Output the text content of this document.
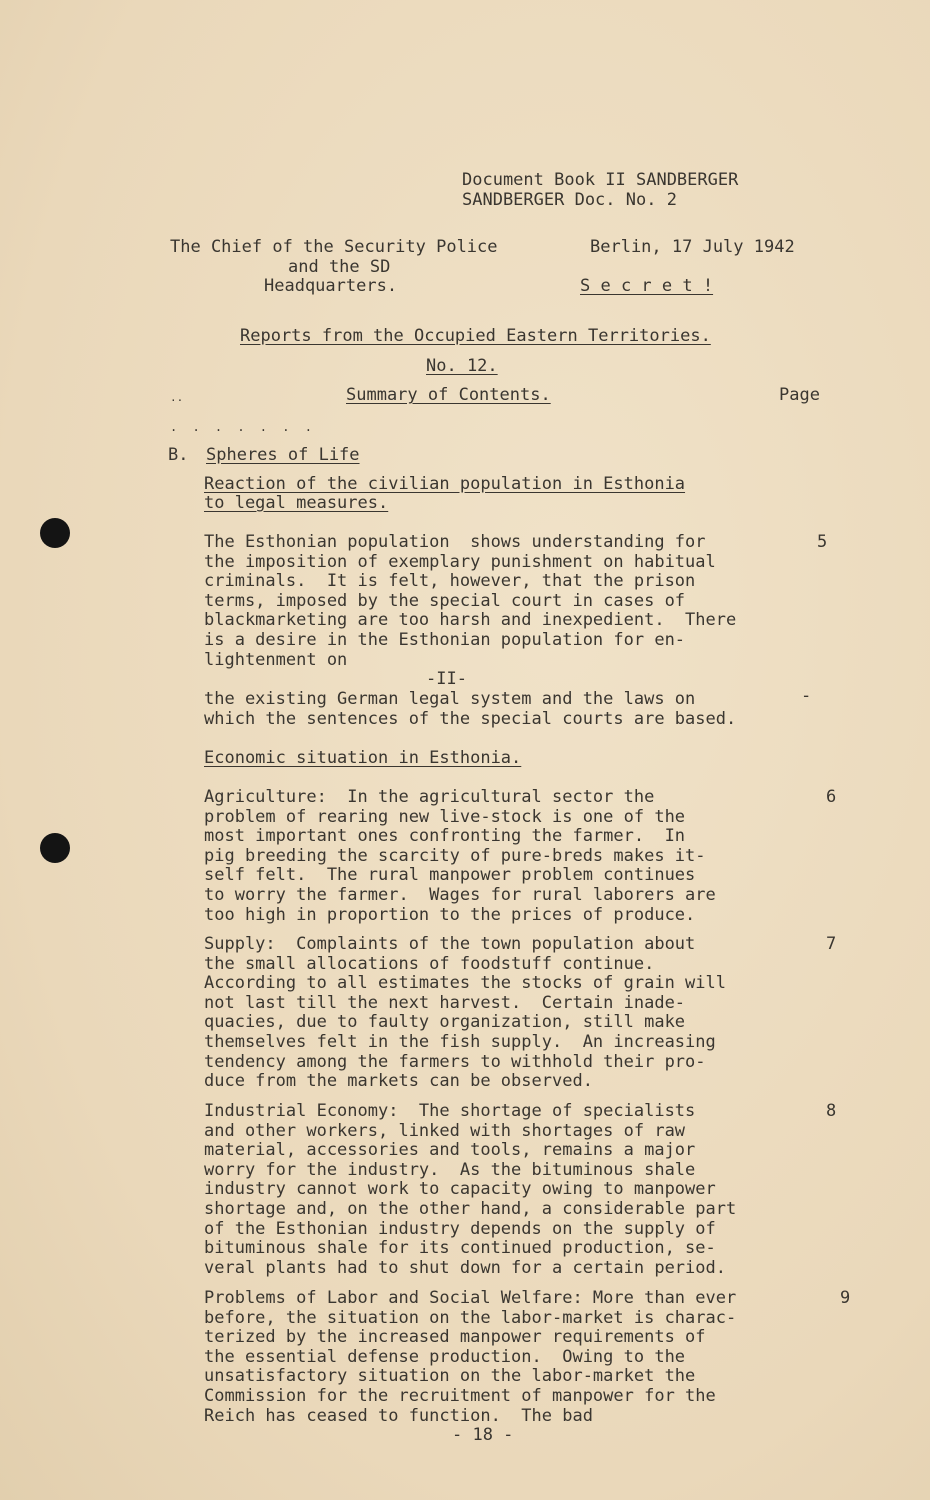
Document Book II SANDBERGER
SANDBERGER Doc. No. 2
The Chief of the Security Police
and the SD
Headquarters.
Berlin, 17 July 1942
S e c r e t !
Reports from the Occupied Eastern Territories.
No. 12.
..	Summary of Contents.	Page
. . . . . . .
B. Spheres of Life
Reaction of the civilian population in Esthonia
to legal measures.
The Esthonian population  shows understanding for
the imposition of exemplary punishment on habitual
criminals.  It is felt, however, that the prison
terms, imposed by the special court in cases of
blackmarketing are too harsh and inexpedient.  There
is a desire in the Esthonian population for en-
lightenment on
5
-II-
the existing German legal system and the laws on
which the sentences of the special courts are based.
-
Economic situation in Esthonia.
Agriculture:  In the agricultural sector the
problem of rearing new live-stock is one of the
most important ones confronting the farmer.  In
pig breeding the scarcity of pure-breds makes it-
self felt.  The rural manpower problem continues
to worry the farmer.  Wages for rural laborers are
too high in proportion to the prices of produce.
6
Supply:  Complaints of the town population about
the small allocations of foodstuff continue.
According to all estimates the stocks of grain will
not last till the next harvest.  Certain inade-
quacies, due to faulty organization, still make
themselves felt in the fish supply.  An increasing
tendency among the farmers to withhold their pro-
duce from the markets can be observed.
7
Industrial Economy:  The shortage of specialists
and other workers, linked with shortages of raw
material, accessories and tools, remains a major
worry for the industry.  As the bituminous shale
industry cannot work to capacity owing to manpower
shortage and, on the other hand, a considerable part
of the Esthonian industry depends on the supply of
bituminous shale for its continued production, se-
veral plants had to shut down for a certain period.
8
Problems of Labor and Social Welfare: More than ever
before, the situation on the labor-market is charac-
terized by the increased manpower requirements of
the essential defense production.  Owing to the
unsatisfactory situation on the labor-market the
Commission for the recruitment of manpower for the
Reich has ceased to function.  The bad
9
- 18 -
